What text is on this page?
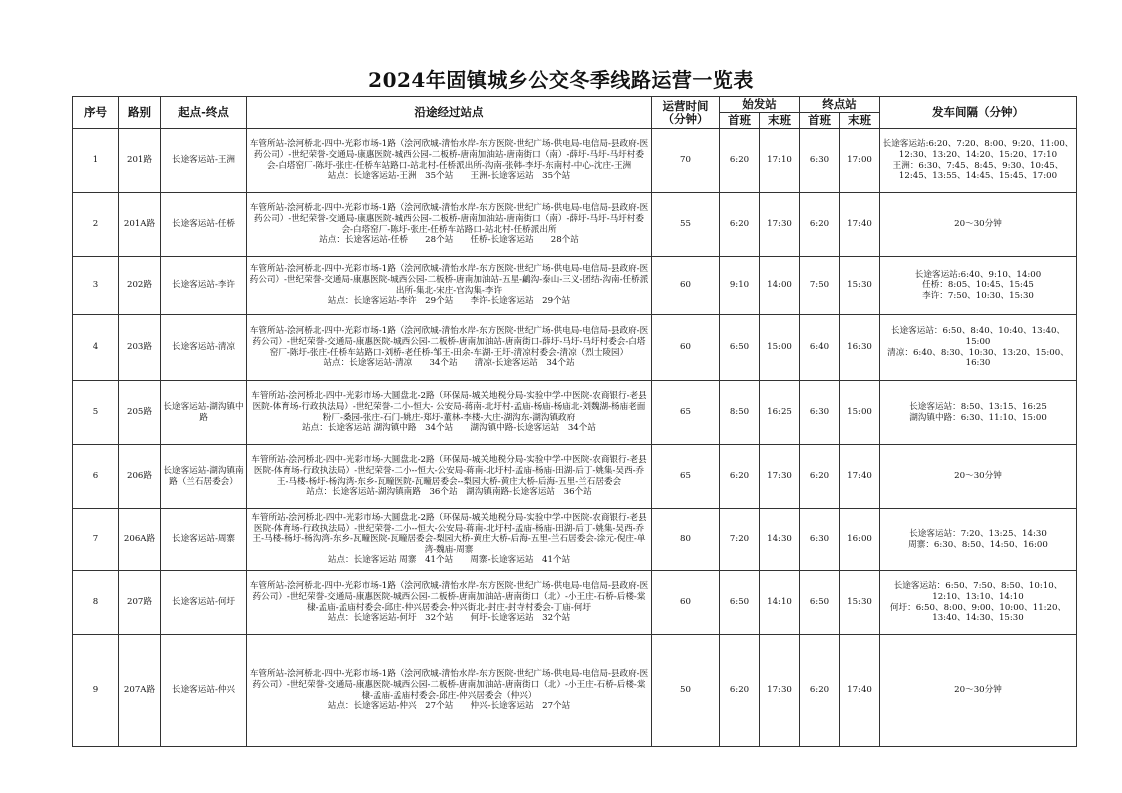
2024年固镇城乡公交冬季线路运营一览表
序号	路别	起点-终点	沿途经过站点	运营时间（分钟）	始发站		终点站		发车间隔（分钟）
					首班	末班	首班	末班	
1	201路	长途客运站-王洲	车管所站-浍河桥北-四中-光彩市场-1路（浍河欣城-清怡水岸-东方医院-世纪广场-供电局-电信局-县政府-医药公司）-世纪荣誉-交通局-康惠医院-城西公园-二板桥-唐南加油站-唐南街口（南）-薛圩-马圩-马圩村委会-白塔窑厂-陈圩-张庄-任桥车站路口-站北村-任桥派出所-沟南-张韩-李圩-东南村-中心-沈庄-王洲
站点：长途客运站-王洲　35个站　　王洲-长途客运站　35个站	70	6:20	17:10	6:30	17:00	长途客运站:6:20、7:20、8:00、9:20、11:00、12:30、13:20、14:20、15:20、17:10
王洲：6:30、7:45、8:45、9:30、10:45、12:45、13:55、14:45、15:45、17:00

2	201A路	长途客运站-任桥	车管所站-浍河桥北-四中-光彩市场-1路（浍河欣城-清怡水岸-东方医院-世纪广场-供电局-电信局-县政府-医药公司）-世纪荣誉-交通局-康惠医院-城西公园-二板桥-唐南加油站-唐南街口（南）-薛圩-马圩-马圩村委会-白塔窑厂-陈圩-张庄-任桥车站路口-站北村-任桥派出所
站点：长途客运站-任桥　　28个站　　任桥-长途客运站　　28个站	55	6:20	17:30	6:20	17:40	20～30分钟

3	202路	长途客运站-李许	车管所站-浍河桥北-四中-光彩市场-1路（浍河欣城-清怡水岸-东方医院-世纪广场-供电局-电信局-县政府-医药公司）-世纪荣誉-交通局-康惠医院-城西公园-二板桥-唐南加油站-五星-鶣沟-泰山-三义-团结-沟南-任桥派出所-集北-宋庄-官沟集-李许
站点：长途客运站-李许　29个站　　李许-长途客运站　29个站	60	9:10	14:00	7:50	15:30	长途客运站:6:40、9:10、14:00
任桥：8:05、10:45、15:45
李许：7:50、10:30、15:30

4	203路	长途客运站-清凉	车管所站-浍河桥北-四中-光彩市场-1路（浍河欣城-清怡水岸-东方医院-世纪广场-供电局-电信局-县政府-医药公司）-世纪荣誉-交通局-康惠医院-城西公园-二板桥-唐南加油站-唐南街口-薛圩-马圩-马圩村委会-白塔窑厂-陈圩-张庄-任桥车站路口-刘桥-老任桥-邹王-田余-车湖-王圩-清凉村委会-清凉（烈士陵园）
站点：长途客运站-清凉　　34个站　　清凉-长途客运站　34个站	60	6:50	15:00	6:40	16:30	长途客运站：6:50、8:40、10:40、13:40、15:00
清凉：6:40、8:30、10:30、13:20、15:00、16:30

5	205路	长途客运站-湖沟镇中路	车管所站-浍河桥北-四中-光彩市场-大圆盘北-2路（环保局-城关地税分局-实验中学-中医院-农商银行-老县医院-体育场-行政执法局）-世纪荣誉-二小-恒大- 公安局-蒋南-北圩村-孟庙-杨庙-杨庙北-刘魏湖-杨庙老面粉厂-桑园-张庄-石门-姚庄-郑圩-董林-李楼-大庄-湖沟东-湖沟镇政府
站点：长途客运站 湖沟镇中路　34个站　　湖沟镇中路-长途客运站　34个站	65	8:50	16:25	6:30	15:00	长途客运站：8:50、13:15、16:25
湖沟镇中路：6:30、11:10、15:00

6	206路	长途客运站-湖沟镇南路（兰石居委会）	车管所站-浍河桥北-四中-光彩市场-大圆盘北-2路（环保局-城关地税分局-实验中学-中医院-农商银行-老县医院-体育场-行政执法局）-世纪荣誉-二小--恒大-公安局-蒋南-北圩村-孟庙-杨庙-田湖-后丁-姚集-吴西-乔王-马楼-杨圩-杨沟湾-东乡-瓦疃医院-瓦疃居委会--梨园大桥-黄庄大桥-后海-五里-兰石居委会
站点：长途客运站-湖沟镇南路　36个站　湖沟镇南路-长途客运站　36个站	65	6:20	17:30	6:20	17:40	20～30分钟

7	206A路	长途客运站-周寨	车管所站-浍河桥北-四中-光彩市场-大圆盘北-2路（环保局-城关地税分局-实验中学-中医院-农商银行-老县医院-体育场-行政执法局）-世纪荣誉-二小--恒大-公安局-蒋南-北圩村-孟庙-杨庙-田湖-后丁-姚集-吴西-乔王-马楼-杨圩-杨沟湾-东乡-瓦疃医院-瓦疃居委会-梨园大桥-黄庄大桥-后海-五里-兰石居委会-涂元-倪庄-单湾-魏庙-周寨
站点：长途客运站 周寨　41个站　　周寨-长途客运站　41个站	80	7:20	14:30	6:30	16:00	长途客运站：7:20、13:25、14:30
周寨：6:30、8:50、14:50、16:00

8	207路	长途客运站-何圩	车管所站-浍河桥北-四中-光彩市场-1路（浍河欣城-清怡水岸-东方医院-世纪广场-供电局-电信局-县政府-医药公司）-世纪荣誉-交通局-康惠医院-城西公园-二板桥-唐南加油站-唐南街口（北）-小王庄-石桥-后楼-棠棣-孟庙-孟庙村委会-邱庄-仲兴居委会-仲兴街北-封庄-封寺村委会-丁庙-何圩
站点：长途客运站-何圩　32个站　　何圩-长途客运站　32个站	60	6:50	14:10	6:50	15:30	长途客运站：6:50、7:50、8:50、10:10、12:10、13:10、14:10
何圩：6:50、8:00、9:00、10:00、11:20、13:40、14:30、15:30

9	207A路	长途客运站-仲兴	车管所站-浍河桥北-四中-光彩市场-1路（浍河欣城-清怡水岸-东方医院-世纪广场-供电局-电信局-县政府-医药公司）-世纪荣誉-交通局-康惠医院-城西公园-二板桥-唐南加油站-唐南街口（北）-小王庄-石桥-后楼-棠棣-孟庙-孟庙村委会-邱庄-仲兴居委会（仲兴）
站点：长途客运站-仲兴　27个站　　仲兴-长途客运站　27个站	50	6:20	17:30	6:20	17:40	20～30分钟
